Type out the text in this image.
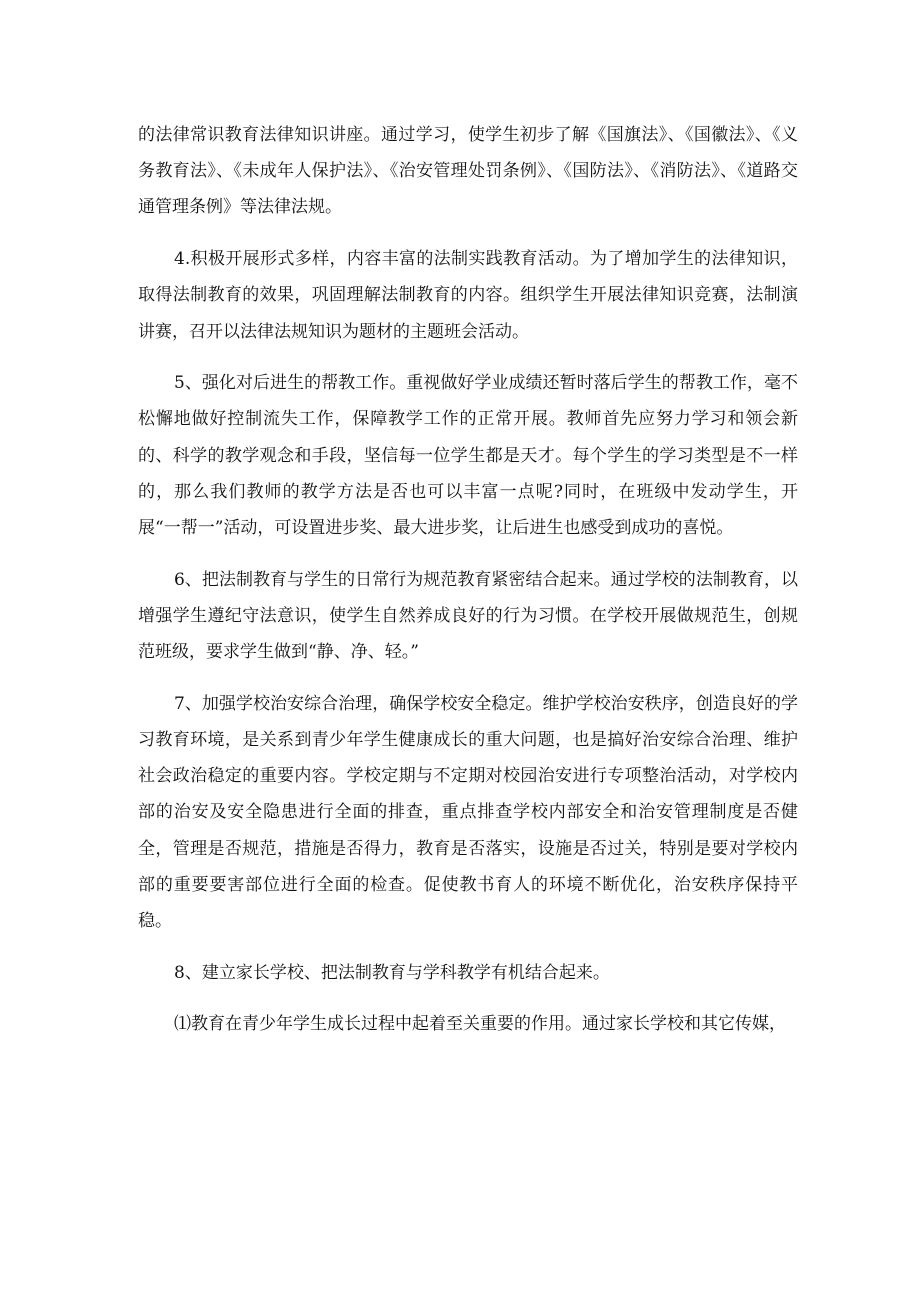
的法律常识教育法律知识讲座。通过学习，使学生初步了解《国旗法》、《国徽法》、《义务教育法》、《未成年人保护法》、《治安管理处罚条例》、《国防法》、《消防法》、《道路交通管理条例》等法律法规。

4.积极开展形式多样，内容丰富的法制实践教育活动。为了增加学生的法律知识，取得法制教育的效果，巩固理解法制教育的内容。组织学生开展法律知识竞赛，法制演讲赛，召开以法律法规知识为题材的主题班会活动。

5、强化对后进生的帮教工作。重视做好学业成绩还暂时落后学生的帮教工作，毫不松懈地做好控制流失工作，保障教学工作的正常开展。教师首先应努力学习和领会新的、科学的教学观念和手段，坚信每一位学生都是天才。每个学生的学习类型是不一样的，那么我们教师的教学方法是否也可以丰富一点呢?同时，在班级中发动学生，开展“一帮一”活动，可设置进步奖、最大进步奖，让后进生也感受到成功的喜悦。

6、把法制教育与学生的日常行为规范教育紧密结合起来。通过学校的法制教育，以增强学生遵纪守法意识，使学生自然养成良好的行为习惯。在学校开展做规范生，创规范班级，要求学生做到“静、净、轻。”

7、加强学校治安综合治理，确保学校安全稳定。维护学校治安秩序，创造良好的学习教育环境，是关系到青少年学生健康成长的重大问题，也是搞好治安综合治理、维护社会政治稳定的重要内容。学校定期与不定期对校园治安进行专项整治活动，对学校内部的治安及安全隐患进行全面的排查，重点排查学校内部安全和治安管理制度是否健全，管理是否规范，措施是否得力，教育是否落实，设施是否过关，特别是要对学校内部的重要要害部位进行全面的检查。促使教书育人的环境不断优化，治安秩序保持平稳。

8、建立家长学校、把法制教育与学科教学有机结合起来。

⑴教育在青少年学生成长过程中起着至关重要的作用。通过家长学校和其它传媒，
